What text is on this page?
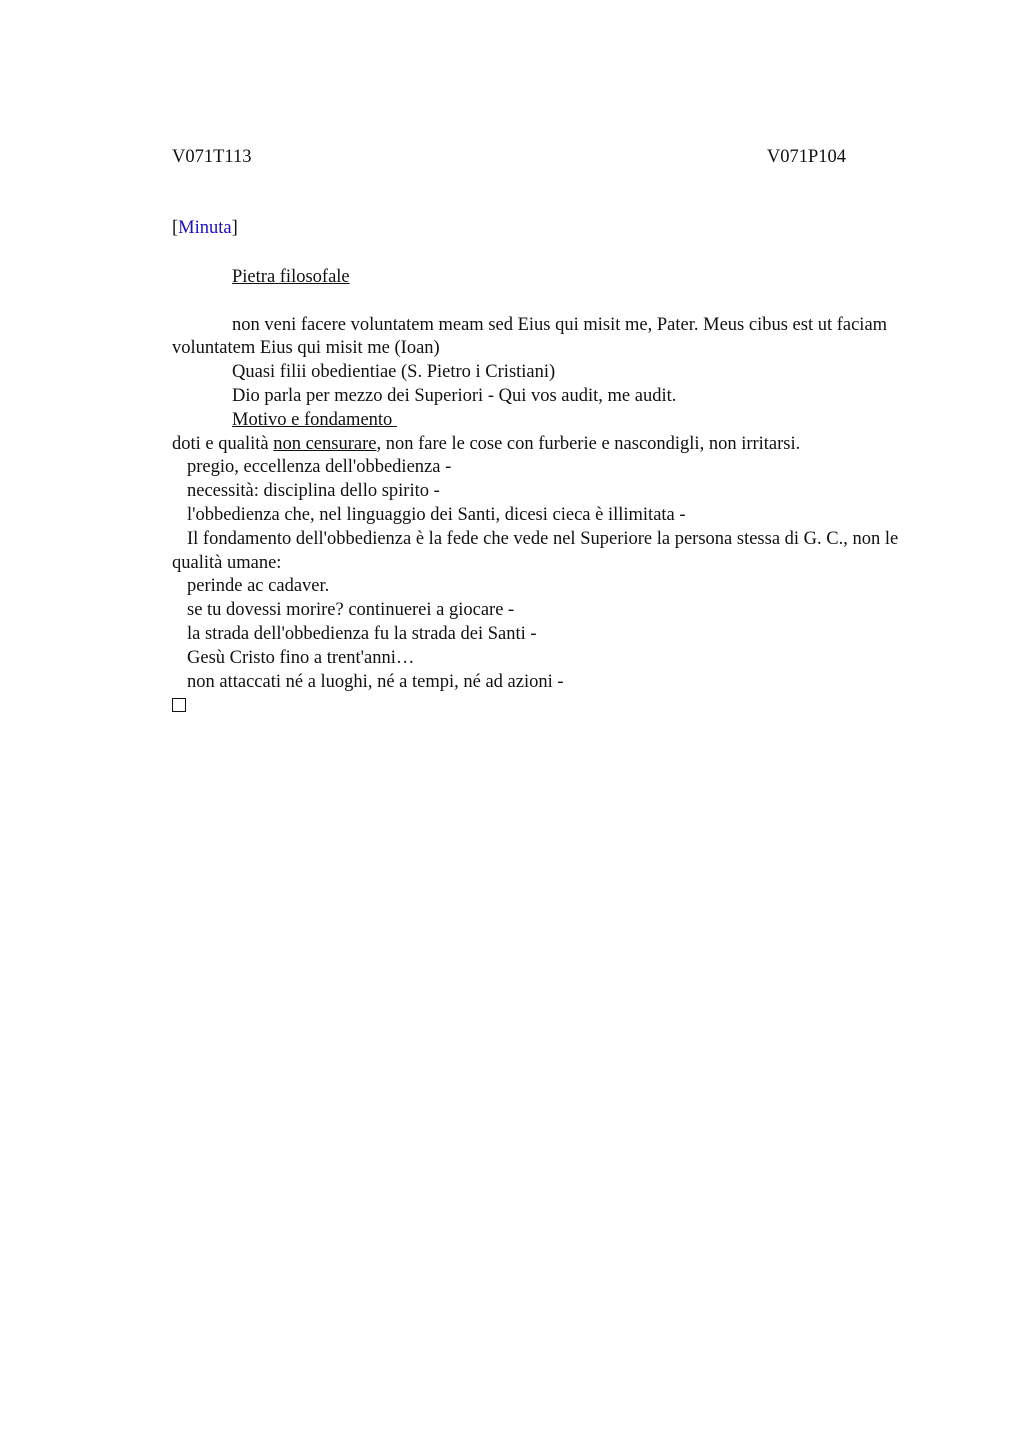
V071T113	V071P104
[Minuta]
Pietra filosofale
non veni facere voluntatem meam sed Eius qui misit me, Pater. Meus cibus est ut faciam voluntatem Eius qui misit me (Ioan)
Quasi filii obedientiae (S. Pietro i Cristiani)
Dio parla per mezzo dei Superiori - Qui vos audit, me audit.
Motivo e fondamento
doti e qualità non censurare, non fare le cose con furberie e nascondigli, non irritarsi.
pregio, eccellenza dell'obbedienza -
necessità: disciplina dello spirito -
l'obbedienza che, nel linguaggio dei Santi, dicesi cieca è illimitata -
Il fondamento dell'obbedienza è la fede che vede nel Superiore la persona stessa di G. C., non le qualità umane:
perinde ac cadaver.
se tu dovessi morire? continuerei a giocare -
la strada dell'obbedienza fu la strada dei Santi -
Gesù Cristo fino a trent'anni…
non attaccati né a luoghi, né a tempi, né ad azioni -
